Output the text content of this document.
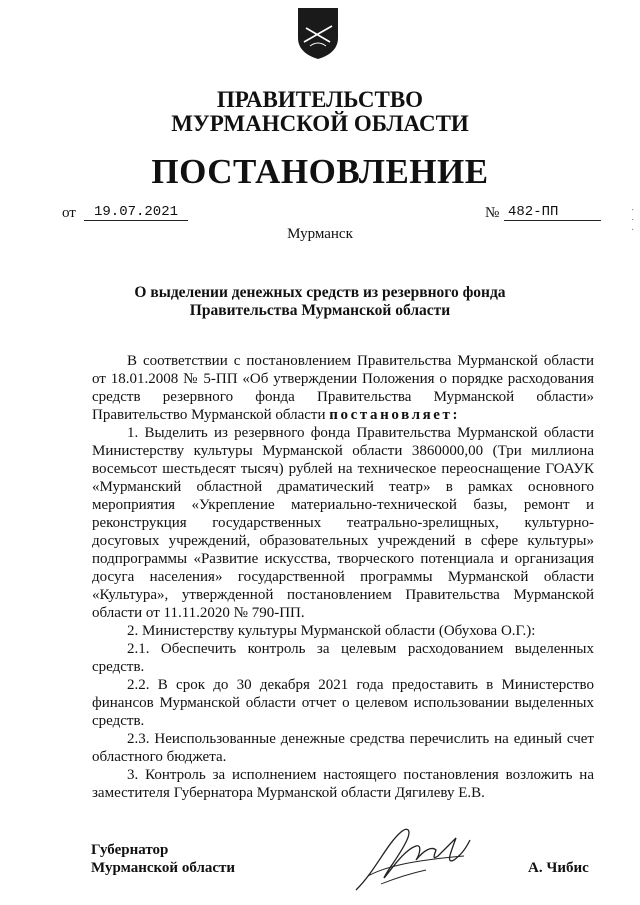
ПРАВИТЕЛЬСТВО
МУРМАНСКОЙ ОБЛАСТИ
ПОСТАНОВЛЕНИЕ
от	19.07.2021	№ 482-ПП
Мурманск
· · ·
О выделении денежных средств из резервного фонда
Правительства Мурманской области

В соответствии с постановлением Правительства Мурманской области от 18.01.2008 № 5-ПП «Об утверждении Положения о порядке расходования средств резервного фонда Правительства Мурманской области» Правительство Мурманской области постановляет:

1. Выделить из резервного фонда Правительства Мурманской области Министерству культуры Мурманской области 3860000,00 (Три миллиона восемьсот шестьдесят тысяч) рублей на техническое переоснащение ГОАУК «Мурманский областной драматический театр» в рамках основного мероприятия «Укрепление материально-технической базы, ремонт и реконструкция государственных театрально-зрелищных, культурно-досуговых учреждений, образовательных учреждений в сфере культуры» подпрограммы «Развитие искусства, творческого потенциала и организация досуга населения» государственной программы Мурманской области «Культура», утвержденной постановлением Правительства Мурманской области от 11.11.2020 № 790-ПП.

2. Министерству культуры Мурманской области (Обухова О.Г.):

2.1. Обеспечить контроль за целевым расходованием выделенных средств.

2.2. В срок до 30 декабря 2021 года предоставить в Министерство финансов Мурманской области отчет о целевом использовании выделенных средств.

2.3. Неиспользованные денежные средства перечислить на единый счет областного бюджета.

3. Контроль за исполнением настоящего постановления возложить на заместителя Губернатора Мурманской области Дягилеву Е.В.

Губернатор
Мурманской области	А. Чибис
